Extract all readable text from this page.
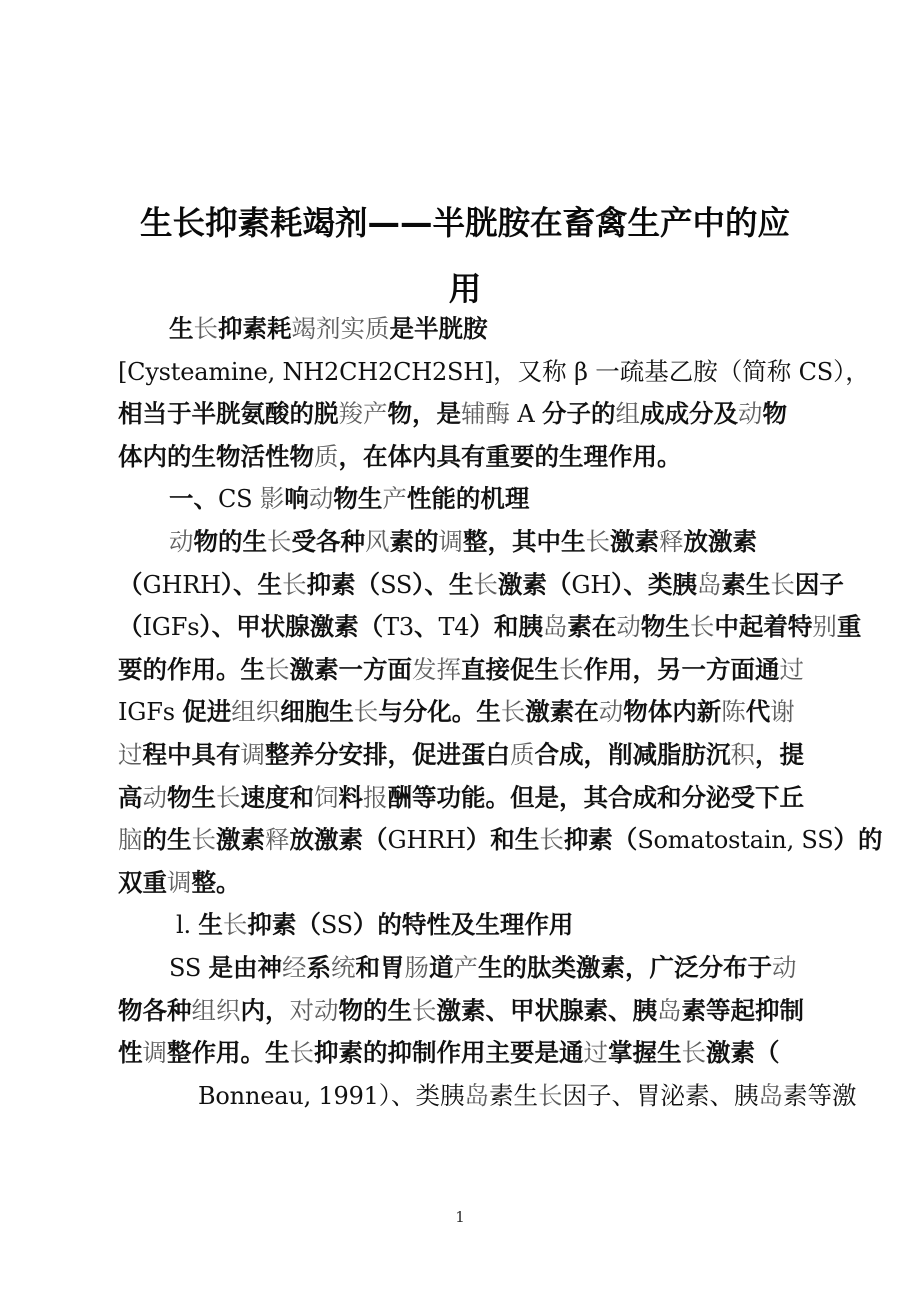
生长抑素耗竭剂——半胱胺在畜禽生产中的应
用
生长抑素耗竭剂实质是半胱胺
[Cysteamine, NH2CH2CH2SH]，又称 β 一疏基乙胺（简称 CS），
相当于半胱氨酸的脱羧产物，是辅酶 A 分子的组成成分及动物
体内的生物活性物质，在体内具有重要的生理作用。
一、CS 影响动物生产性能的机理
动物的生长受各种风素的调整，其中生长激素释放激素
（GHRH）、生长抑素（SS）、生长激素（GH）、类胰岛素生长因子
（IGFs）、甲状腺激素（T3、T4）和胰岛素在动物生长中起着特别重
要的作用。生长激素一方面发挥直接促生长作用，另一方面通过
IGFs 促进组织细胞生长与分化。生长激素在动物体内新陈代谢
过程中具有调整养分安排，促进蛋白质合成，削减脂肪沉积，提
高动物生长速度和饲料报酬等功能。但是，其合成和分泌受下丘
脑的生长激素释放激素（GHRH）和生长抑素（Somatostain, SS）的
双重调整。
l. 生长抑素（SS）的特性及生理作用
SS 是由神经系统和胃肠道产生的肽类激素，广泛分布于动
物各种组织内，对动物的生长激素、甲状腺素、胰岛素等起抑制
性调整作用。生长抑素的抑制作用主要是通过掌握生长激素（
Bonneau, 1991）、类胰岛素生长因子、胃泌素、胰岛素等激
1
